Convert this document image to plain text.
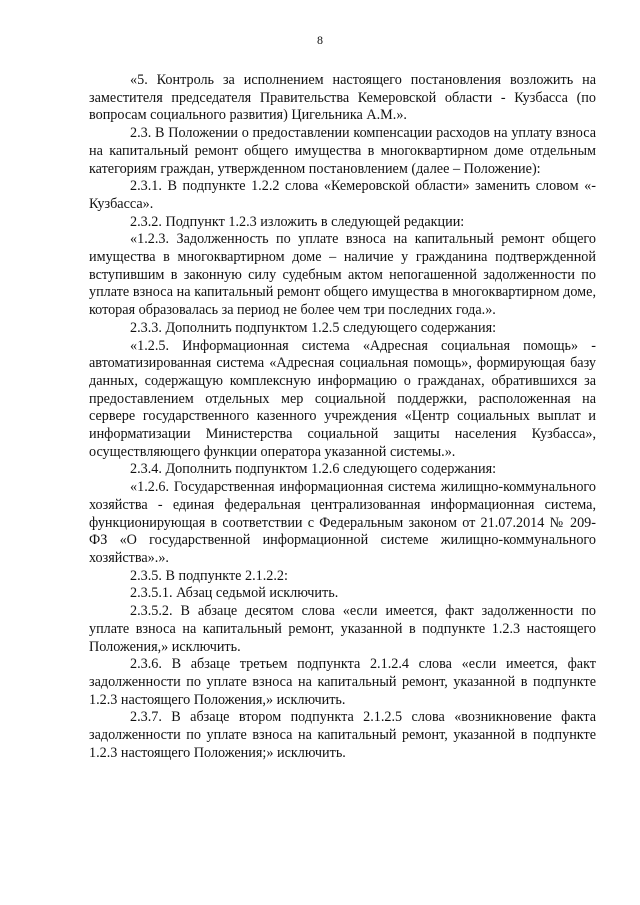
8

«5. Контроль за исполнением настоящего постановления возложить на заместителя председателя Правительства Кемеровской области - Кузбасса (по вопросам социального развития) Цигельника А.М.».

2.3. В Положении о предоставлении компенсации расходов на уплату взноса на капитальный ремонт общего имущества в многоквартирном доме отдельным категориям граждан, утвержденном постановлением (далее – Положение):

2.3.1. В подпункте 1.2.2 слова «Кемеровской области» заменить словом «- Кузбасса».

2.3.2. Подпункт 1.2.3 изложить в следующей редакции:

«1.2.3. Задолженность по уплате взноса на капитальный ремонт общего имущества в многоквартирном доме – наличие у гражданина подтвержденной вступившим в законную силу судебным актом непогашенной задолженности по уплате взноса на капитальный ремонт общего имущества в многоквартирном доме, которая образовалась за период не более чем три последних года.».

2.3.3. Дополнить подпунктом 1.2.5 следующего содержания:

«1.2.5. Информационная система «Адресная социальная помощь» - автоматизированная система «Адресная социальная помощь», формирующая базу данных, содержащую комплексную информацию о гражданах, обратившихся за предоставлением отдельных мер социальной поддержки, расположенная на сервере государственного казенного учреждения «Центр социальных выплат и информатизации Министерства социальной защиты населения Кузбасса», осуществляющего функции оператора указанной системы.».

2.3.4. Дополнить подпунктом 1.2.6 следующего содержания:

«1.2.6. Государственная информационная система жилищно-коммунального хозяйства - единая федеральная централизованная информационная система, функционирующая в соответствии с Федеральным законом от 21.07.2014 № 209-ФЗ «О государственной информационной системе жилищно-коммунального хозяйства».».

2.3.5. В подпункте 2.1.2.2:

2.3.5.1. Абзац седьмой исключить.

2.3.5.2. В абзаце десятом слова «если имеется, факт задолженности по уплате взноса на капитальный ремонт, указанной в подпункте 1.2.3 настоящего Положения,» исключить.

2.3.6. В абзаце третьем подпункта 2.1.2.4 слова «если имеется, факт задолженности по уплате взноса на капитальный ремонт, указанной в подпункте 1.2.3 настоящего Положения,» исключить.

2.3.7. В абзаце втором подпункта 2.1.2.5 слова «возникновение факта задолженности по уплате взноса на капитальный ремонт, указанной в подпункте 1.2.3 настоящего Положения;» исключить.
